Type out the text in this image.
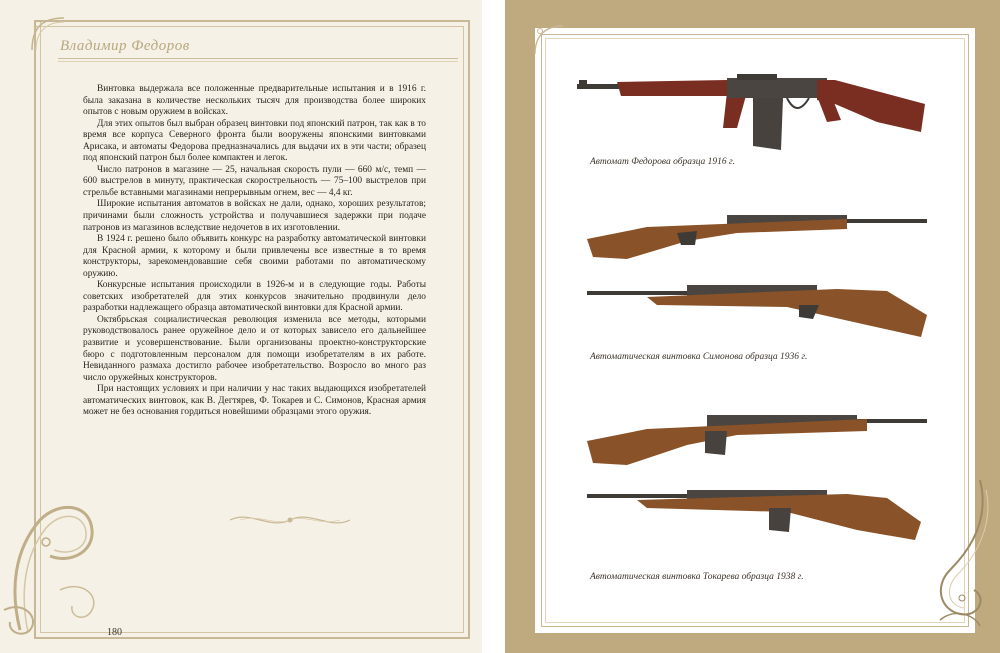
Владимир Федоров

Винтовка выдержала все положенные предварительные испытания и в 1916 г. была заказана в количестве нескольких тысяч для производства более широких опытов с новым оружием в войсках.

Для этих опытов был выбран образец винтовки под японский патрон, так как в то время все корпуса Северного фронта были вооружены японскими винтовками Арисака, и автоматы Федорова предназначались для выдачи их в эти части; образец под японский патрон был более компактен и легок.

Число патронов в магазине — 25, начальная скорость пули — 660 м/с, темп — 600 выстрелов в минуту, практическая скорострельность — 75–100 выстрелов при стрельбе вставными магазинами непрерывным огнем, вес — 4,4 кг.

Широкие испытания автоматов в войсках не дали, однако, хороших результатов; причинами были сложность устройства и получавшиеся задержки при подаче патронов из магазинов вследствие недочетов в их изготовлении.

В 1924 г. решено было объявить конкурс на разработку автоматической винтовки для Красной армии, к которому и были привлечены все известные в то время конструкторы, зарекомендовавшие себя своими работами по автоматическому оружию.

Конкурсные испытания происходили в 1926-м и в следующие годы. Работы советских изобретателей для этих конкурсов значительно продвинули дело разработки надлежащего образца автоматической винтовки для Красной армии.

Октябрьская социалистическая революция изменила все методы, которыми руководствовалось ранее оружейное дело и от которых зависело его дальнейшее развитие и усовершенствование. Были организованы проектно-конструкторские бюро с подготовленным персоналом для помощи изобретателям в их работе. Невиданного размаха достигло рабочее изобретательство. Возросло во много раз число оружейных конструкторов.

При настоящих условиях и при наличии у нас таких выдающихся изобретателей автоматических винтовок, как В. Дегтярев, Ф. Токарев и С. Симонов, Красная армия может не без основания гордиться новейшими образцами этого оружия.

180
Автомат Федорова образца 1916 г.
Автоматическая винтовка Симонова образца 1936 г.
Автоматическая винтовка Токарева образца 1938 г.
